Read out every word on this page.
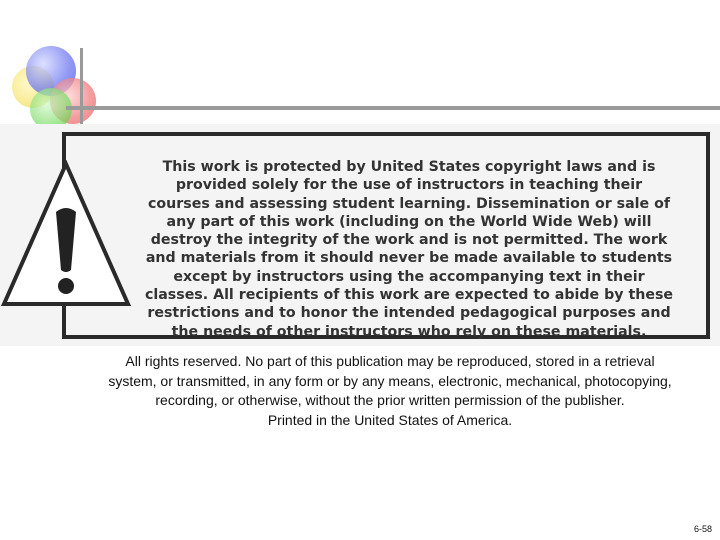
This work is protected by United States copyright laws and is provided solely for the use of instructors in teaching their courses and assessing student learning. Dissemination or sale of any part of this work (including on the World Wide Web) will destroy the integrity of the work and is not permitted. The work and materials from it should never be made available to students except by instructors using the accompanying text in their classes. All recipients of this work are expected to abide by these restrictions and to honor the intended pedagogical purposes and the needs of other instructors who rely on these materials.

All rights reserved. No part of this publication may be reproduced, stored in a retrieval
system, or transmitted, in any form or by any means, electronic, mechanical, photocopying,
recording, or otherwise, without the prior written permission of the publisher.
Printed in the United States of America.

6-58
